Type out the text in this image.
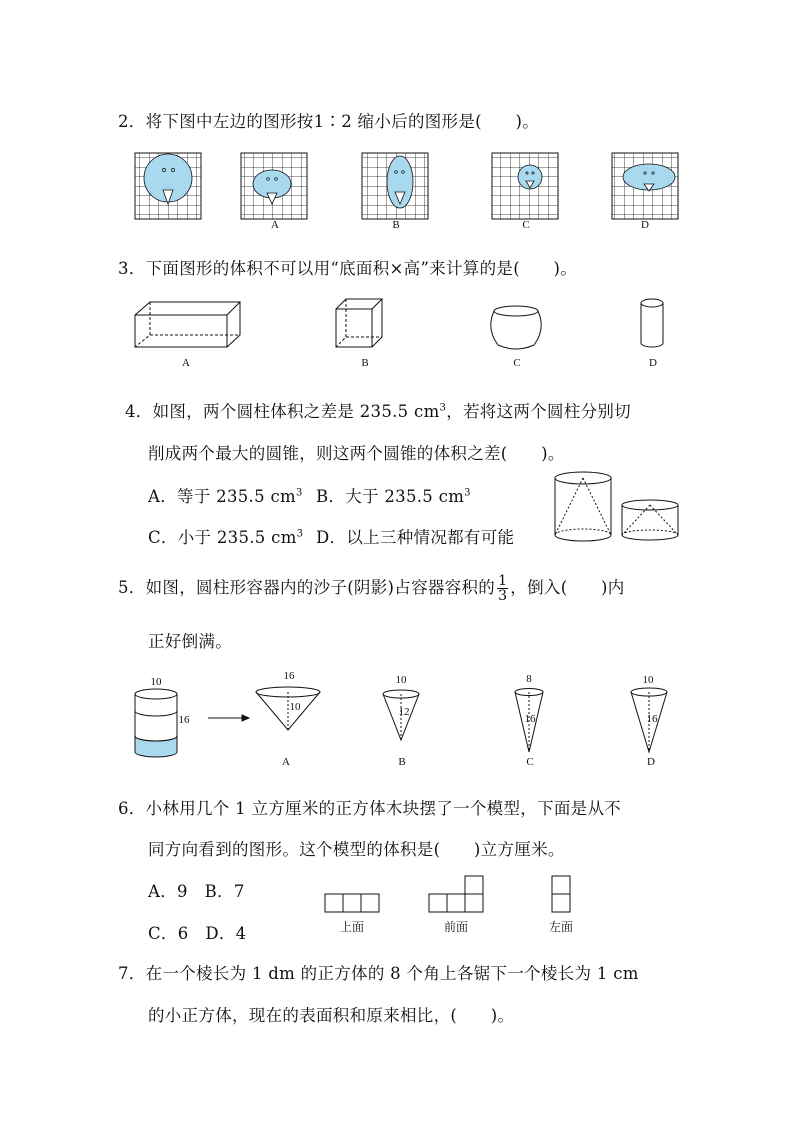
2．将下图中左边的图形按1∶2 缩小后的图形是(　　)。
A	B	C	D
3．下面图形的体积不可以用“底面积×高”来计算的是(　　)。
A	B	C	D
4．如图，两个圆柱体积之差是 235.5 $cm^3$，若将这两个圆柱分别切
削成两个最大的圆锥，则这两个圆锥的体积之差(　　)。
A．等于 235.5 $cm^3$ B．大于 235.5 $cm^3$
C．小于 235.5 $cm^3$ D．以上三种情况都有可能
5．如图，圆柱形容器内的沙子(阴影)占容器容积的 $\frac{1}{3}$ ，倒入(　　)内
正好倒满。
10
16
16
10
10
12
8
16
10
16
A	B	C	D
6．小林用几个 1 立方厘米的正方体木块摆了一个模型，下面是从不
同方向看到的图形。这个模型的体积是(　　)立方厘米。
A．9　B．7
C．6　D．4	上面	前面	左面
7．在一个棱长为 1 dm 的正方体的 8 个角上各锯下一个棱长为 1 cm
的小正方体，现在的表面积和原来相比，(　　)。
